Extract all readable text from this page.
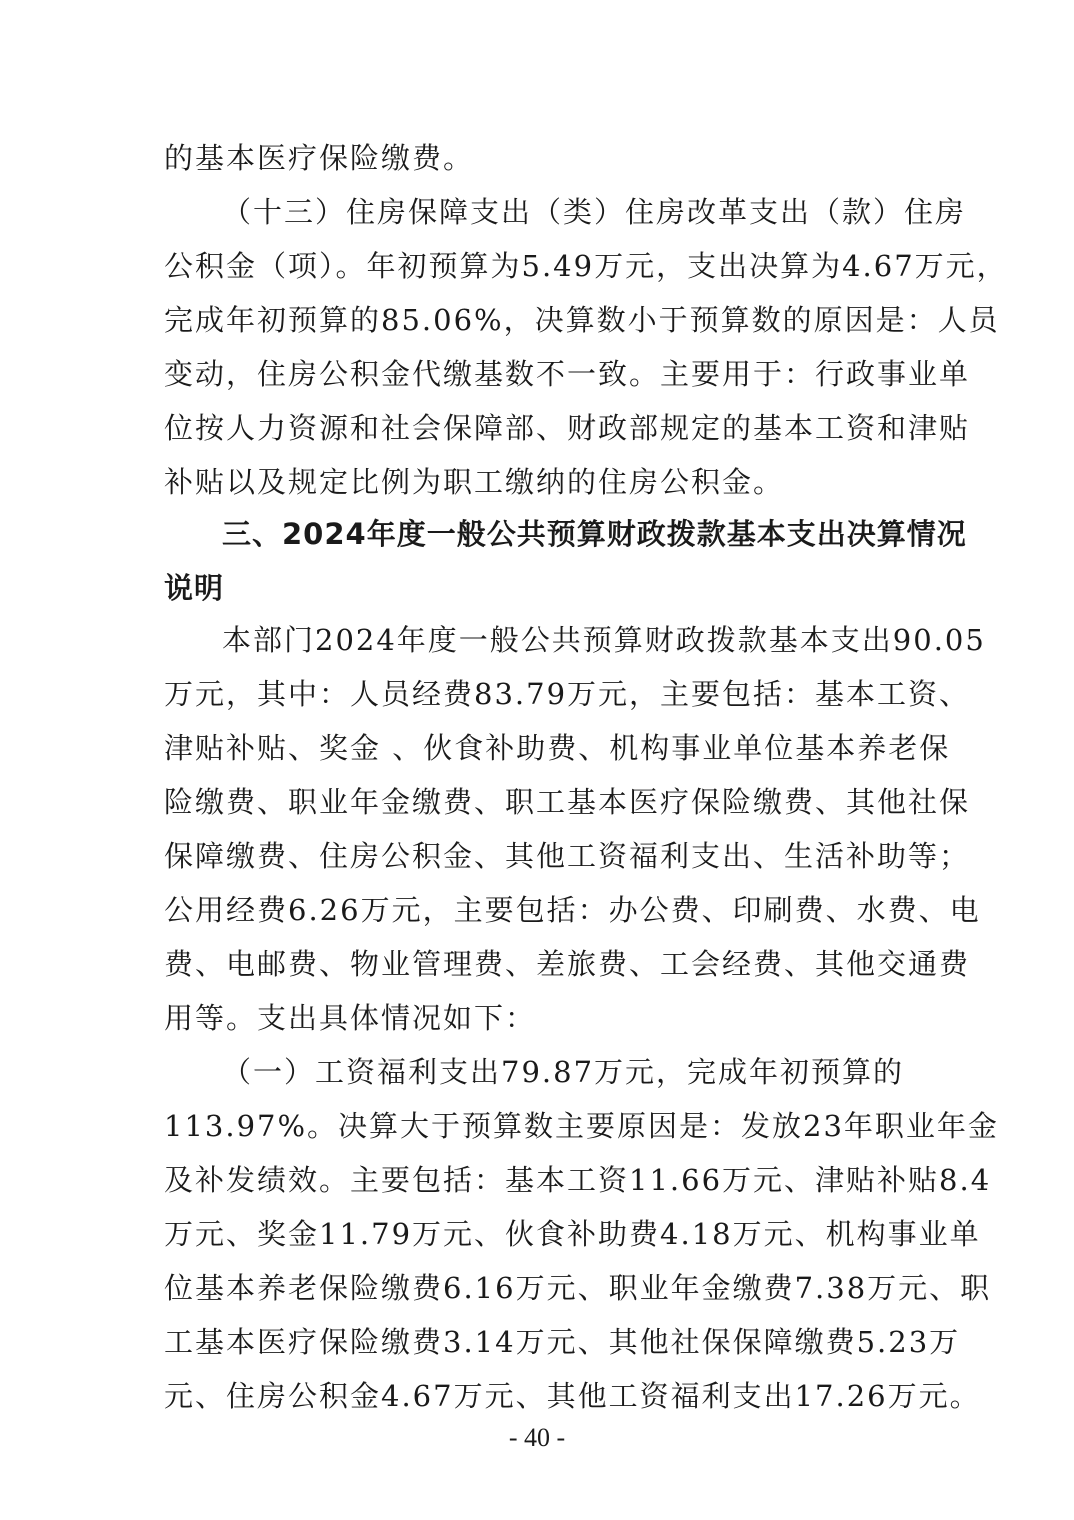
的基本医疗保险缴费。
（十三）住房保障支出（类）住房改革支出（款）住房
公积金（项）。年初预算为5.49万元，支出决算为4.67万元，
完成年初预算的85.06%，决算数小于预算数的原因是：人员
变动，住房公积金代缴基数不一致。主要用于：行政事业单
位按人力资源和社会保障部、财政部规定的基本工资和津贴
补贴以及规定比例为职工缴纳的住房公积金。
三、2024年度一般公共预算财政拨款基本支出决算情况
说明
本部门2024年度一般公共预算财政拨款基本支出90.05
万元，其中：人员经费83.79万元，主要包括：基本工资、
津贴补贴、奖金 、伙食补助费、机构事业单位基本养老保
险缴费、职业年金缴费、职工基本医疗保险缴费、其他社保
保障缴费、住房公积金、其他工资福利支出、生活补助等；
公用经费6.26万元，主要包括：办公费、印刷费、水费、电
费、电邮费、物业管理费、差旅费、工会经费、其他交通费
用等。支出具体情况如下：
（一）工资福利支出79.87万元，完成年初预算的
113.97%。决算大于预算数主要原因是：发放23年职业年金
及补发绩效。主要包括：基本工资11.66万元、津贴补贴8.4
万元、奖金11.79万元、伙食补助费4.18万元、机构事业单
位基本养老保险缴费6.16万元、职业年金缴费7.38万元、职
工基本医疗保险缴费3.14万元、其他社保保障缴费5.23万
元、住房公积金4.67万元、其他工资福利支出17.26万元。
- 40 -
